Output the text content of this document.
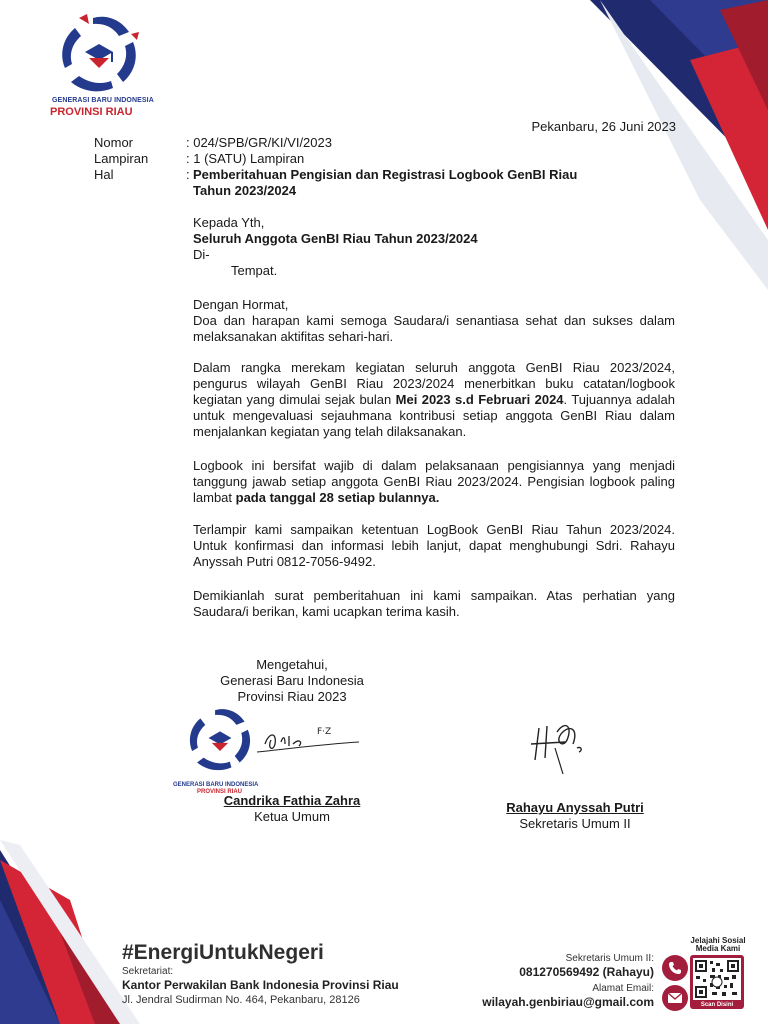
GENERASI BARU INDONESIA
PROVINSI RIAU
Pekanbaru, 26 Juni 2023
Nomor	: 024/SPB/GR/KI/VI/2023
Lampiran	: 1 (SATU) Lampiran
Hal	: Pemberitahuan Pengisian dan Registrasi Logbook GenBI Riau
Tahun 2023/2024
Kepada Yth,
Seluruh Anggota GenBI Riau Tahun 2023/2024
Di-
Tempat.
Dengan Hormat,

Doa dan harapan kami semoga Saudara/i senantiasa sehat dan sukses dalam melaksanakan aktifitas sehari-hari.

Dalam rangka merekam kegiatan seluruh anggota GenBI Riau 2023/2024, pengurus wilayah GenBI Riau 2023/2024 menerbitkan buku catatan/logbook kegiatan yang dimulai sejak bulan Mei 2023 s.d Februari 2024. Tujuannya adalah untuk mengevaluasi sejauhmana kontribusi setiap anggota GenBI Riau dalam menjalankan kegiatan yang telah dilaksanakan.

Logbook ini bersifat wajib di dalam pelaksanaan pengisiannya yang menjadi tanggung jawab setiap anggota GenBI Riau 2023/2024. Pengisian logbook paling lambat pada tanggal 28 setiap bulannya.

Terlampir kami sampaikan ketentuan LogBook GenBI Riau Tahun 2023/2024. Untuk konfirmasi dan informasi lebih lanjut, dapat menghubungi Sdri. Rahayu Anyssah Putri 0812-7056-9492.

Demikianlah surat pemberitahuan ini kami sampaikan. Atas perhatian yang Saudara/i berikan, kami ucapkan terima kasih.

Mengetahui,
Generasi Baru Indonesia
Provinsi Riau 2023
GENERASI BARU INDONESIA
PROVINSI RIAU
F·Z
Candrika Fathia Zahra
Ketua Umum
Rahayu Anyssah Putri
Sekretaris Umum II
#EnergiUntukNegeri
Sekretariat:
Kantor Perwakilan Bank Indonesia Provinsi Riau
Jl. Jendral Sudirman No. 464, Pekanbaru, 28126
Sekretaris Umum II:
081270569492 (Rahayu)
Alamat Email:
wilayah.genbiriau@gmail.com
Jelajahi Sosial
Media Kami
Scan Disini
